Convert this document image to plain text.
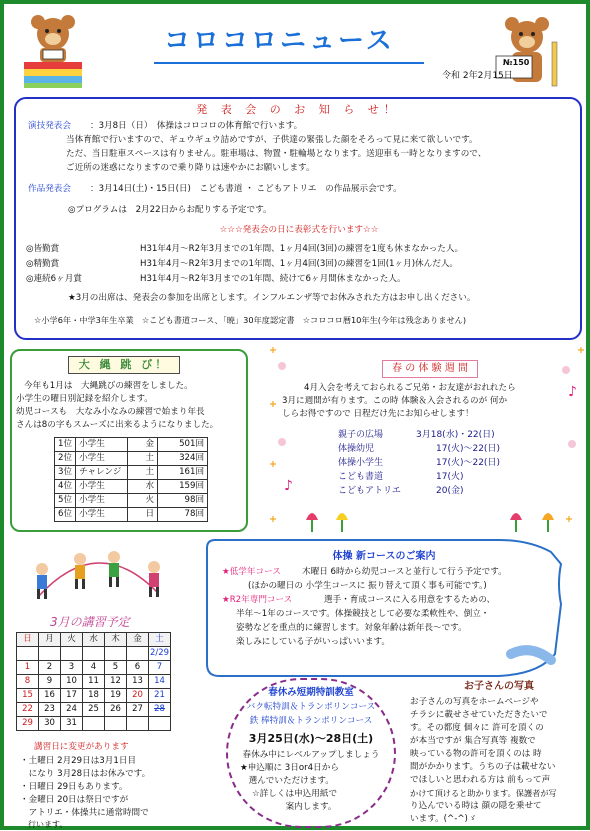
№150
コロコロニュース
令和 2年2月15日
発 表 会 の お 知 ら せ！
演技発表会 ：3月8日（日）　体操はコロコロの体育館で行います。
当体育館で行いますので、ギュウギュウ詰めですが、子供達の緊張した顔をそろって見に来て欲しいです。
ただ、当日駐車スペースは有りません。駐車場は、物置・駐輪場となります。送迎車も一時となりますので、
ご近所の迷惑になりますので乗り降りは速やかにお願いします。
作品発表会 ：3月14日(土)・15日(日)　こども書道 ・ こどもアトリエ　の作品展示会です。
◎プログラムは　2月22日からお配りする予定です。
☆☆☆発表会の日に表彰式を行います☆☆
◎皆勤賞	H31年4月～R2年3月までの1年間、1ヶ月4回(3回)の練習を1度も休まなかった人。
◎精勤賞	H31年4月～R2年3月までの1年間、1ヶ月4回(3回)の練習を1回(1ヶ月)休んだ人。
◎連続6ヶ月賞	H31年4月～R2年3月までの1年間、続けて6ヶ月間休まなかった人。
★3月の出席は、発表会の参加を出席とします。インフルエンザ等でお休みされた方はお申し出ください。
☆小学6年・中学3年生卒業　☆こども書道コース、「暁」30年度認定書　☆コロコロ暦10年生(今年は残念ありません)
大 縄 跳 び！
今年も1月は　大縄跳びの練習をしました。
小学生の曜日別記録を紹介します。
幼児コースも　大なみ小なみの練習で始まり年長
さんは8の字もスムーズに出来るようになりました。
1位	小学生	金	501回
2位	小学生	土	324回
3位	チャレンジ	土	161回
4位	小学生	水	159回
5位	小学生	火	98回
6位	小学生	日	78回
♪
♪
春 の 体 験 週 間
4月入会を考えておられるご兄弟・お友達がおれれたら
3月に週間が有ります。この時 体験＆入会されるのが 何か
しらお得ですので 日程だけ先にお知らせします！
親子の広場	3月18(水)・22(日)
体操幼児	17(火)～22(日)
体操小学生	17(火)～22(日)
こども書道	17(火)
こどもアトリエ	20(金)
体操 新コースのご案内
★低学年コース 木曜日 6時から幼児コースと並行して行う予定です。
(ほかの曜日の 小学生コースに 振り替えて頂く事も可能です。)
★R2年専門コース	選手・育成コースに入る用意をするための、
半年～1年のコースです。体操競技として必要な柔軟性や、倒立・
姿勢などを重点的に練習します。対象年齢は新年長～です。
楽しみにしている子がいっぱいいます。
3月の講習予定
日	月	火	水	木	金	土
						2/29
1	2	3	4	5	6	7
8	9	10	11	12	13	14
15	16	17	18	19	20	21
22	23	24	25	26	27	28
29	30	31				
講習日に変更があります
・土曜日 2月29日は3月1日目
　になり 3月28日はお休みです。
・日曜日 29日もあります。
・金曜日 20日は祭日ですが
　アトリエ・体操共に通常時間で
　行います。
春休み短期特訓教室
バク転特訓＆トランポリンコース
鉄 棒特訓＆トランポリンコース
3月25日(水)～28日(土)
春休み中にレベルアップしましょう
★申込順に 3日or4日から
　選んでいただけます。
☆詳しくは申込用紙で
案内します。
お子さんの写真
お子さんの写真をホームページや
チラシに載せさせていただきたいで
す。その都度 個々に 許可を頂くの
が本当ですが 集合写真等 複数で
映っている物の許可を頂くのは 時
間がかかります。うちの子は載せない
でほしいと思われる方は 前もって声
かけて頂けると助かります。保護者が写
り込んでいる時は 顔の隠を乗せて
います。(^-^)ゞ
